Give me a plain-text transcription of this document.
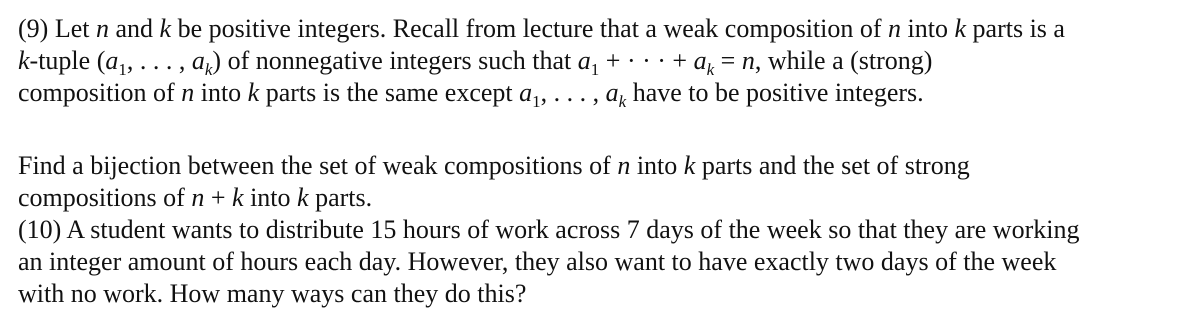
(9) Let n and k be positive integers. Recall from lecture that a weak composition of n into k parts is a
k-tuple ($a_1$, . . . , $a_k$) of nonnegative integers such that $a_1$ + · · · + $a_k = n$, while a (strong)
composition of n into k parts is the same except $a_1$, . . . , $a_k$ have to be positive integers.
Find a bijection between the set of weak compositions of n into k parts and the set of strong
compositions of n + k into k parts.
(10) A student wants to distribute 15 hours of work across 7 days of the week so that they are working
an integer amount of hours each day. However, they also want to have exactly two days of the week
with no work. How many ways can they do this?
